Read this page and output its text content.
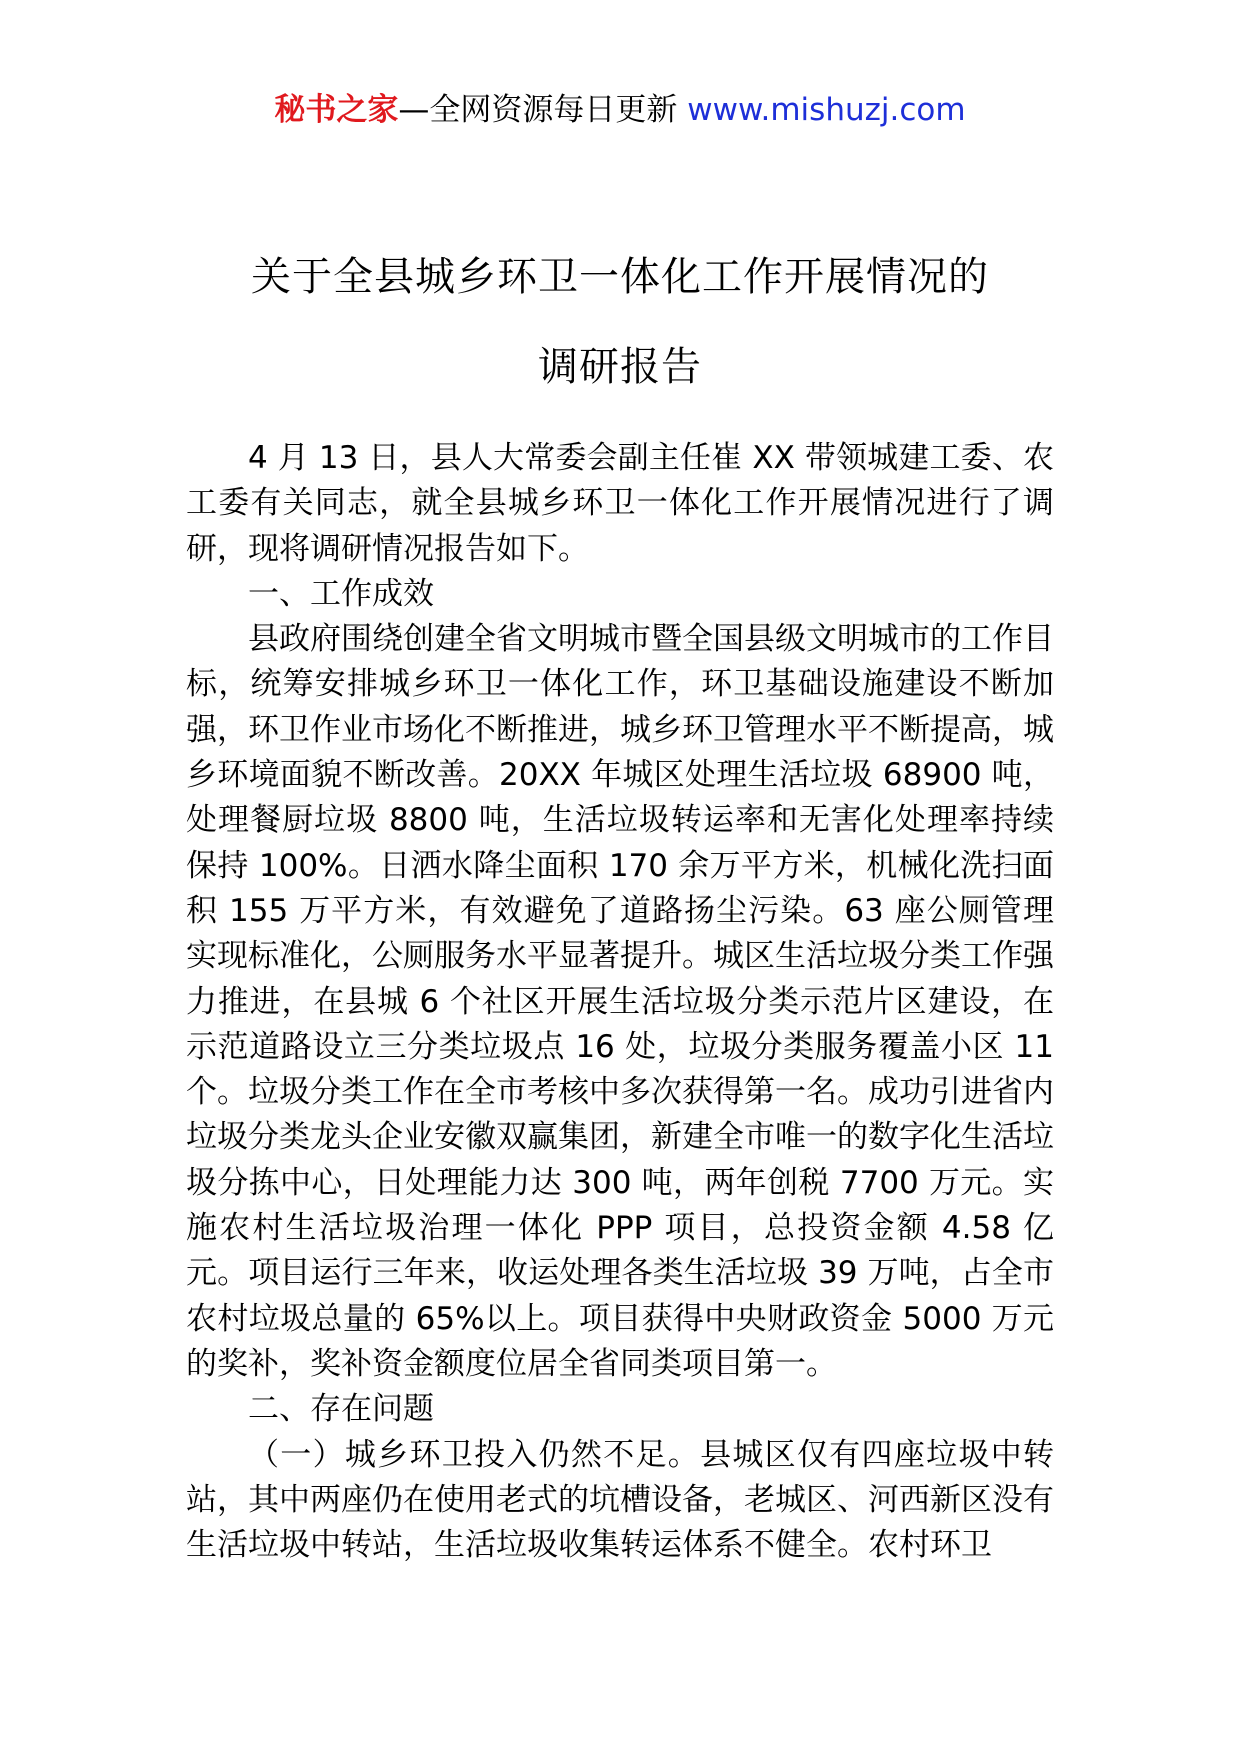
秘书之家—全网资源每日更新 www.mishuzj.com
关于全县城乡环卫一体化工作开展情况的
调研报告

4 月 13 日，县人大常委会副主任崔 XX 带领城建工委、农工委有关同志，就全县城乡环卫一体化工作开展情况进行了调研，现将调研情况报告如下。

一、工作成效

县政府围绕创建全省文明城市暨全国县级文明城市的工作目标，统筹安排城乡环卫一体化工作，环卫基础设施建设不断加强，环卫作业市场化不断推进，城乡环卫管理水平不断提高，城乡环境面貌不断改善。20XX 年城区处理生活垃圾 68900 吨，处理餐厨垃圾 8800 吨，生活垃圾转运率和无害化处理率持续保持 100%。日洒水降尘面积 170 余万平方米，机械化洗扫面积 155 万平方米，有效避免了道路扬尘污染。63 座公厕管理实现标准化，公厕服务水平显著提升。城区生活垃圾分类工作强力推进，在县城 6 个社区开展生活垃圾分类示范片区建设，在示范道路设立三分类垃圾点 16 处，垃圾分类服务覆盖小区 11 个。垃圾分类工作在全市考核中多次获得第一名。成功引进省内垃圾分类龙头企业安徽双赢集团，新建全市唯一的数字化生活垃圾分拣中心，日处理能力达 300 吨，两年创税 7700 万元。实施农村生活垃圾治理一体化 PPP 项目，总投资金额 4.58 亿元。项目运行三年来，收运处理各类生活垃圾 39 万吨，占全市农村垃圾总量的 65%以上。项目获得中央财政资金 5000 万元的奖补，奖补资金额度位居全省同类项目第一。

二、存在问题

（一）城乡环卫投入仍然不足。县城区仅有四座垃圾中转站，其中两座仍在使用老式的坑槽设备，老城区、河西新区没有生活垃圾中转站，生活垃圾收集转运体系不健全。农村环卫
